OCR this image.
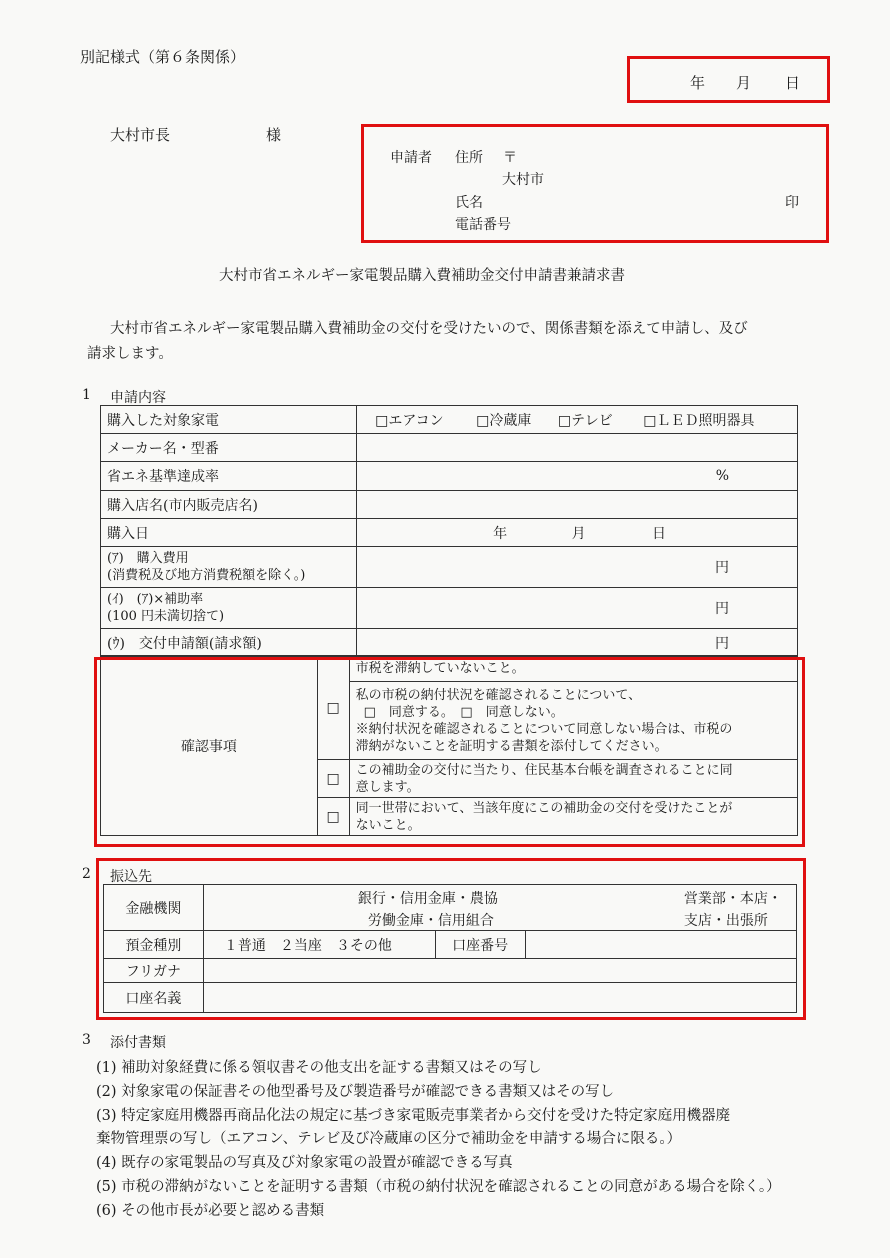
別記様式（第６条関係）
年 月 日
大村市長	様
申請者 住所 〒
大村市
氏名	印
電話番号
大村市省エネルギー家電製品購入費補助金交付申請書兼請求書
大村市省エネルギー家電製品購入費補助金の交付を受けたいので、関係書類を添えて申請し、及び
請求します。
1 申請内容
購入した対象家電	□エアコン □冷蔵庫 □テレビ □ＬＥＤ照明器具
メーカー名・型番	
省エネ基準達成率	%
購入店名(市内販売店名)	
購入日	年 月 日

(ｱ)　購入費用
(消費税及び地方消費税額を除く。)	円

(ｲ)　(ｱ)×補助率
(100 円未満切捨て)	円
(ｳ)　交付申請額(請求額)	円
確認事項	□	市税を滞納していないこと。

		私の市税の納付状況を確認されることについて、
□　同意する。　□　同意しない。
※納付状況を確認されることについて同意しない場合は、市税の
滞納がないことを証明する書類を添付してください。

	□	この補助金の交付に当たり、住民基本台帳を調査されることに同
意します。

	□	同一世帯において、当該年度にこの補助金の交付を受けたことが
ないこと。
2 振込先
金融機関	銀行・信用金庫・農協
労働金庫・信用組合
営業部・本店・
支店・出張所		

預金種別	１普通　２当座　３その他	口座番号	
フリガナ			
口座名義			
3 添付書類
(1) 補助対象経費に係る領収書その他支出を証する書類又はその写し
(2) 対象家電の保証書その他型番号及び製造番号が確認できる書類又はその写し
(3) 特定家庭用機器再商品化法の規定に基づき家電販売事業者から交付を受けた特定家庭用機器廃
棄物管理票の写し（エアコン、テレビ及び冷蔵庫の区分で補助金を申請する場合に限る。）
(4) 既存の家電製品の写真及び対象家電の設置が確認できる写真
(5) 市税の滞納がないことを証明する書類（市税の納付状況を確認されることの同意がある場合を除く。）
(6) その他市長が必要と認める書類
